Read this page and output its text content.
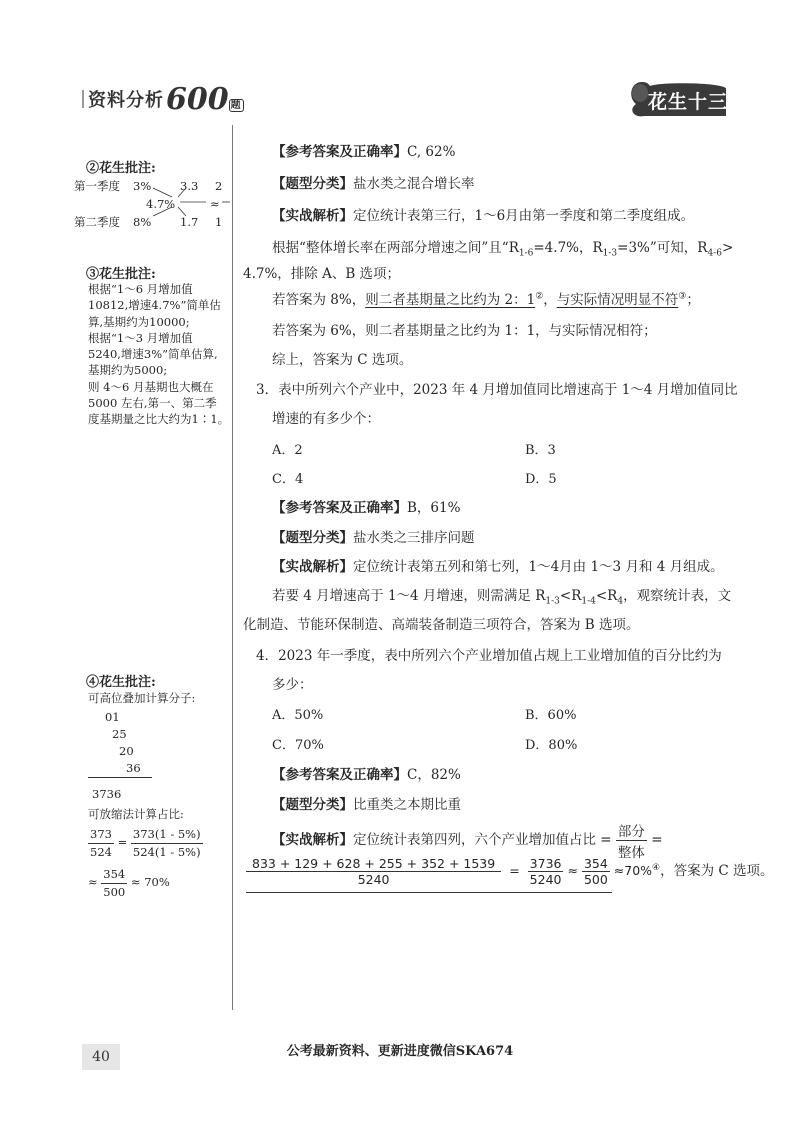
资料分析600 题	花生十三
②花生批注:
第一季度 3%	3.3 2
4.7%
第二季度 8%	1.7 1
≈
③花生批注:
根据“1～6 月增加值
10812,增速4.7%”简单估
算,基期约为10000;
根据“1～3 月增加值
5240,增速3%”简单估算,
基期约为5000;
则 4～6 月基期也大概在
5000 左右,第一、第二季
度基期量之比大约为1∶1。
④花生批注:
可高位叠加计算分子:
01
25
20
36
3736
可放缩法计算占比:
$\frac{373}{524} = \frac{373(1 - 5\%)}{524(1 - 5\%)}$
≈ $\frac{354}{500} \approx 70\%$
【参考答案及正确率】C, 62%
【题型分类】盐水类之混合增长率
【实战解析】定位统计表第三行，1～6月由第一季度和第二季度组成。
根据“整体增长率在两部分增速之间”且“$R_{1-6}=4.7\%$，$R_{1-3}=3\%$”可知，$R_{4-6}>$
4.7%，排除 A、B 选项；
若答案为 8%，则二者基期量之比约为 2：1②，与实际情况明显不符③；
若答案为 6%，则二者基期量之比约为 1：1，与实际情况相符；
综上，答案为 C 选项。
3．表中所列六个产业中，2023 年 4 月增加值同比增速高于 1～4 月增加值同比
增速的有多少个：
A．2	B．3
C．4	D．5
【参考答案及正确率】B，61%
【题型分类】盐水类之三排序问题
【实战解析】定位统计表第五列和第七列，1～4月由 1～3 月和 4 月组成。
若要 4 月增速高于 1～4 月增速，则需满足 $R_{1-3}<R_{1-4}<R_4$，观察统计表，文
化制造、节能环保制造、高端装备制造三项符合，答案为 B 选项。
4．2023 年一季度，表中所列六个产业增加值占规上工业增加值的百分比约为
多少：
A．50%	B．60%
C．70%	D．80%
【参考答案及正确率】C，82%
【题型分类】比重类之本期比重
【实战解析】定位统计表第四列，六个产业增加值占比 = $\frac{\text{部分}}{\text{整体}}$ =
$\frac{833 + 129 + 628 + 255 + 352 + 1539}{5240} = \frac{3736}{5240} \approx \frac{354}{500} \approx 70\%^④$，答案为 C 选项。
40	公考最新资料、更新进度微信SKA674
